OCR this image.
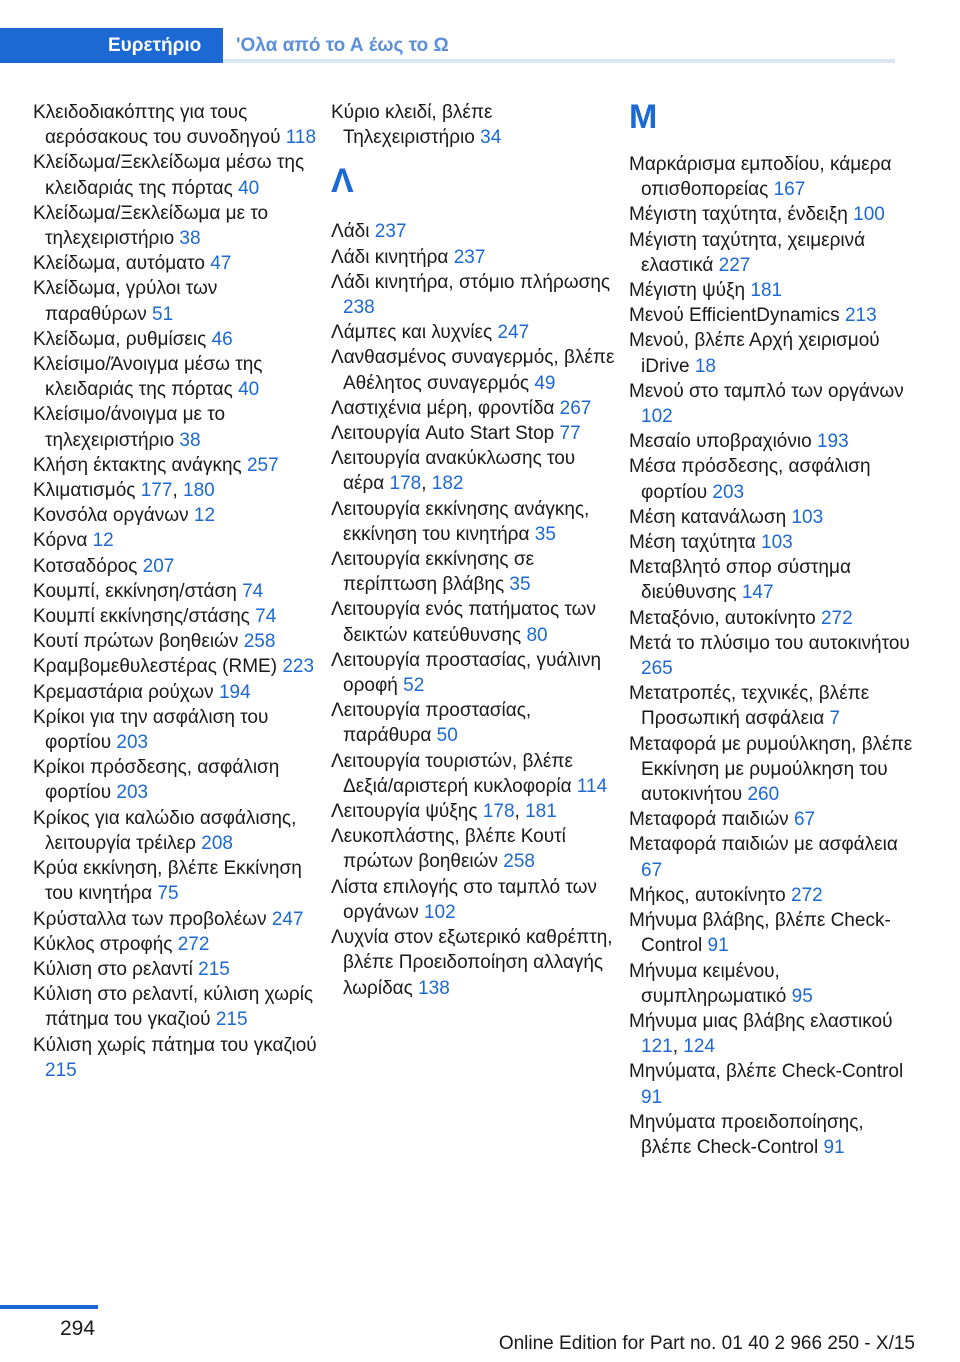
Ευρετήριο	'Ολα από το Α έως το Ω
Κλειδοδιακόπτης για τους αερόσακους του συνοδηγού 118
Κλείδωμα/Ξεκλείδωμα μέσω της κλειδαριάς της πόρτας 40
Κλείδωμα/Ξεκλείδωμα με το τηλεχειριστήριο 38
Κλείδωμα, αυτόματο 47
Κλείδωμα, γρύλοι των παραθύρων 51
Κλείδωμα, ρυθμίσεις 46
Κλείσιμο/Άνοιγμα μέσω της κλειδαριάς της πόρτας 40
Κλείσιμο/άνοιγμα με το τηλεχειριστήριο 38
Κλήση έκτακτης ανάγκης 257
Κλιματισμός 177, 180
Κονσόλα οργάνων 12
Κόρνα 12
Κοτσαδόρος 207
Κουμπί, εκκίνηση/στάση 74
Κουμπί εκκίνησης/στάσης 74
Κουτί πρώτων βοηθειών 258
Κραμβομεθυλεστέρας (RME) 223
Κρεμαστάρια ρούχων 194
Κρίκοι για την ασφάλιση του φορτίου 203
Κρίκοι πρόσδεσης, ασφάλιση φορτίου 203
Κρίκος για καλώδιο ασφάλισης, λειτουργία τρέιλερ 208
Κρύα εκκίνηση, βλέπε Εκκίνηση του κινητήρα 75
Κρύσταλλα των προβολέων 247
Κύκλος στροφής 272
Κύλιση στο ρελαντί 215
Κύλιση στο ρελαντί, κύλιση χωρίς πάτημα του γκαζιού 215
Κύλιση χωρίς πάτημα του γκαζιού 215
Κύριο κλειδί, βλέπε Τηλεχειριστήριο 34
Λ
Λάδι 237
Λάδι κινητήρα 237
Λάδι κινητήρα, στόμιο πλήρωσης 238
Λάμπες και λυχνίες 247
Λανθασμένος συναγερμός, βλέπε Αθέλητος συναγερμός 49
Λαστιχένια μέρη, φροντίδα 267
Λειτουργία Auto Start Stop 77
Λειτουργία ανακύκλωσης του αέρα 178, 182
Λειτουργία εκκίνησης ανάγκης, εκκίνηση του κινητήρα 35
Λειτουργία εκκίνησης σε περίπτωση βλάβης 35
Λειτουργία ενός πατήματος των δεικτών κατεύθυνσης 80
Λειτουργία προστασίας, γυάλινη οροφή 52
Λειτουργία προστασίας, παράθυρα 50
Λειτουργία τουριστών, βλέπε Δεξιά/αριστερή κυκλοφορία 114
Λειτουργία ψύξης 178, 181
Λευκοπλάστης, βλέπε Κουτί πρώτων βοηθειών 258
Λίστα επιλογής στο ταμπλό των οργάνων 102
Λυχνία στον εξωτερικό καθρέπτη, βλέπε Προειδοποίηση αλλαγής λωρίδας 138
Μ
Μαρκάρισμα εμποδίου, κάμερα οπισθοπορείας 167
Μέγιστη ταχύτητα, ένδειξη 100
Μέγιστη ταχύτητα, χειμερινά ελαστικά 227
Μέγιστη ψύξη 181
Μενού EfficientDynamics 213
Μενού, βλέπε Αρχή χειρισμού iDrive 18
Μενού στο ταμπλό των οργάνων 102
Μεσαίο υποβραχιόνιο 193
Μέσα πρόσδεσης, ασφάλιση φορτίου 203
Μέση κατανάλωση 103
Μέση ταχύτητα 103
Μεταβλητό σπορ σύστημα διεύθυνσης 147
Μεταξόνιο, αυτοκίνητο 272
Μετά το πλύσιμο του αυτοκινήτου 265
Μετατροπές, τεχνικές, βλέπε Προσωπική ασφάλεια 7
Μεταφορά με ρυμούλκηση, βλέπε Εκκίνηση με ρυμούλκηση του αυτοκινήτου 260
Μεταφορά παιδιών 67
Μεταφορά παιδιών με ασφάλεια 67
Μήκος, αυτοκίνητο 272
Μήνυμα βλάβης, βλέπε Check-Control 91
Μήνυμα κειμένου, συμπληρωματικό 95
Μήνυμα μιας βλάβης ελαστικού 121, 124
Μηνύματα, βλέπε Check-Control 91
Μηνύματα προειδοποίησης, βλέπε Check-Control 91
294
Online Edition for Part no. 01 40 2 966 250 - X/15
